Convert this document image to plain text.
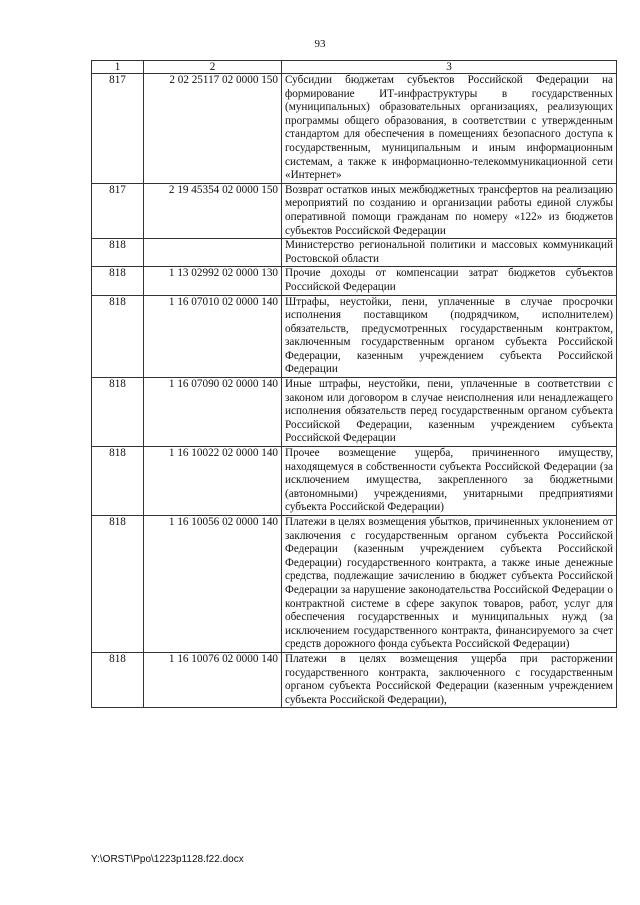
93
1	2	3
817	2 02 25117 02 0000 150	Субсидии бюджетам субъектов Российской Федерации на формирование ИТ-инфраструктуры в государственных (муниципальных) образовательных организациях, реализующих программы общего образования, в соответствии с утвержденным стандартом для обеспечения в помещениях безопасного доступа к государственным, муниципальным и иным информационным системам, а также к информационно-телекоммуникационной сети «Интернет»
817	2 19 45354 02 0000 150	Возврат остатков иных межбюджетных трансфертов на реализацию мероприятий по созданию и организации работы единой службы оперативной помощи гражданам по номеру «122» из бюджетов субъектов Российской Федерации
818		Министерство региональной политики и массовых коммуникаций Ростовской области
818	1 13 02992 02 0000 130	Прочие доходы от компенсации затрат бюджетов субъектов Российской Федерации
818	1 16 07010 02 0000 140	Штрафы, неустойки, пени, уплаченные в случае просрочки исполнения поставщиком (подрядчиком, исполнителем) обязательств, предусмотренных государственным контрактом, заключенным государственным органом субъекта Российской Федерации, казенным учреждением субъекта Российской Федерации
818	1 16 07090 02 0000 140	Иные штрафы, неустойки, пени, уплаченные в соответствии с законом или договором в случае неисполнения или ненадлежащего исполнения обязательств перед государственным органом субъекта Российской Федерации, казенным учреждением субъекта Российской Федерации
818	1 16 10022 02 0000 140	Прочее возмещение ущерба, причиненного имуществу, находящемуся в собственности субъекта Российской Федерации (за исключением имущества, закрепленного за бюджетными (автономными) учреждениями, унитарными предприятиями субъекта Российской Федерации)
818	1 16 10056 02 0000 140	Платежи в целях возмещения убытков, причиненных уклонением от заключения с государственным органом субъекта Российской Федерации (казенным учреждением субъекта Российской Федерации) государственного контракта, а также иные денежные средства, подлежащие зачислению в бюджет субъекта Российской Федерации за нарушение законодательства Российской Федерации о контрактной системе в сфере закупок товаров, работ, услуг для обеспечения государственных и муниципальных нужд (за исключением государственного контракта, финансируемого за счет средств дорожного фонда субъекта Российской Федерации)
818	1 16 10076 02 0000 140	Платежи в целях возмещения ущерба при расторжении государственного контракта, заключенного с государственным органом субъекта Российской Федерации (казенным учреждением субъекта Российской Федерации),
Y:\ORST\Ppo\1223p1128.f22.docx
